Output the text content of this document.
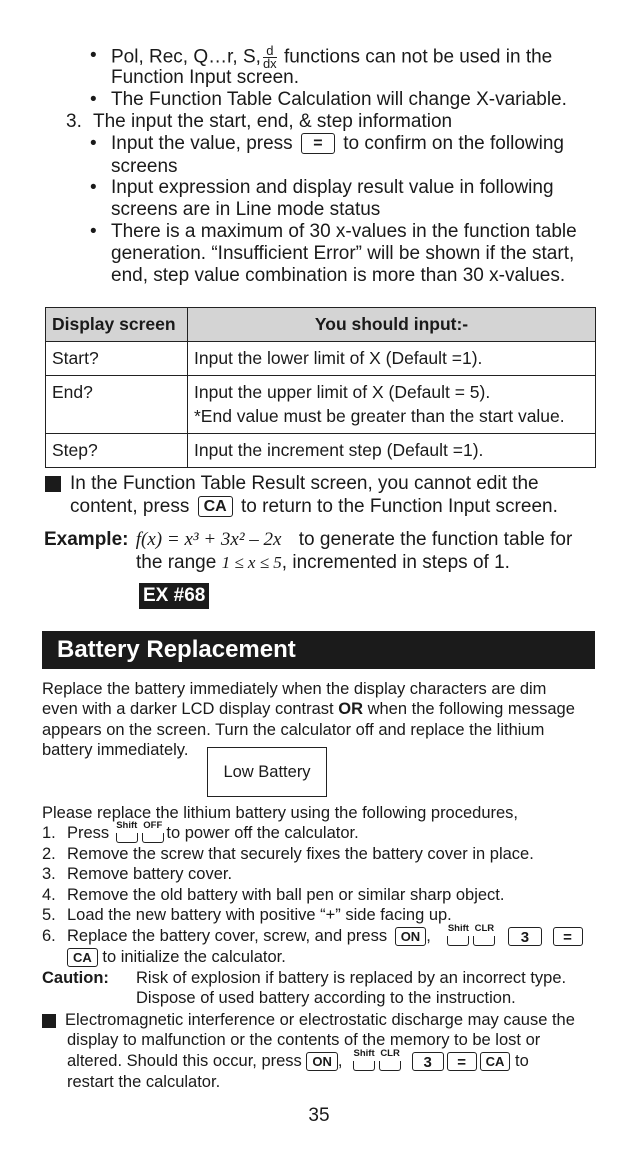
• Pol, Rec, Q…r, S, $\frac{d}{dx}$ functions can not be used in the
Function Input screen.
• The Function Table Calculation will change X-variable.
3. The input the start, end, & step information
• Input the value, press = to confirm on the following
screens
• Input expression and display result value in following
screens are in Line mode status
• There is a maximum of 30 x-values in the function table
generation. “Insufficient Error” will be shown if the start,
end, step value combination is more than 30 x-values.
Display screen	You should input:-
Start?	Input the lower limit of X (Default =1).
End?	Input the upper limit of X (Default = 5).
*End value must be greater than the start value.

Step?	Input the increment step (Default =1).
In the Function Table Result screen, you cannot edit the
content, press CA to return to the Function Input screen.
Example: f(x) = x³ + 3x² – 2x to generate the function table for
the range 1 ≤ x ≤ 5, incremented in steps of 1.
EX #68
Battery Replacement
Replace the battery immediately when the display characters are dim
even with a darker LCD display contrast OR when the following message
appears on the screen. Turn the calculator off and replace the lithium
battery immediately.
Low Battery
Please replace the lithium battery using the following procedures,
1. Press Shift OFF to power off the calculator.
2. Remove the screw that securely fixes the battery cover in place.
3. Remove battery cover.
4. Remove the old battery with ball pen or similar sharp object.
5. Load the new battery with positive “+” side facing up.
6. Replace the battery cover, screw, and press ON , Shift CLR
3 =
CA to initialize the calculator.
Caution: Risk of explosion if battery is replaced by an incorrect type.
Dispose of used battery according to the instruction.
Electromagnetic interference or electrostatic discharge may cause the
display to malfunction or the contents of the memory to be lost or
altered. Should this occur, press ON , Shift CLR
3 = CA to
restart the calculator.
35
